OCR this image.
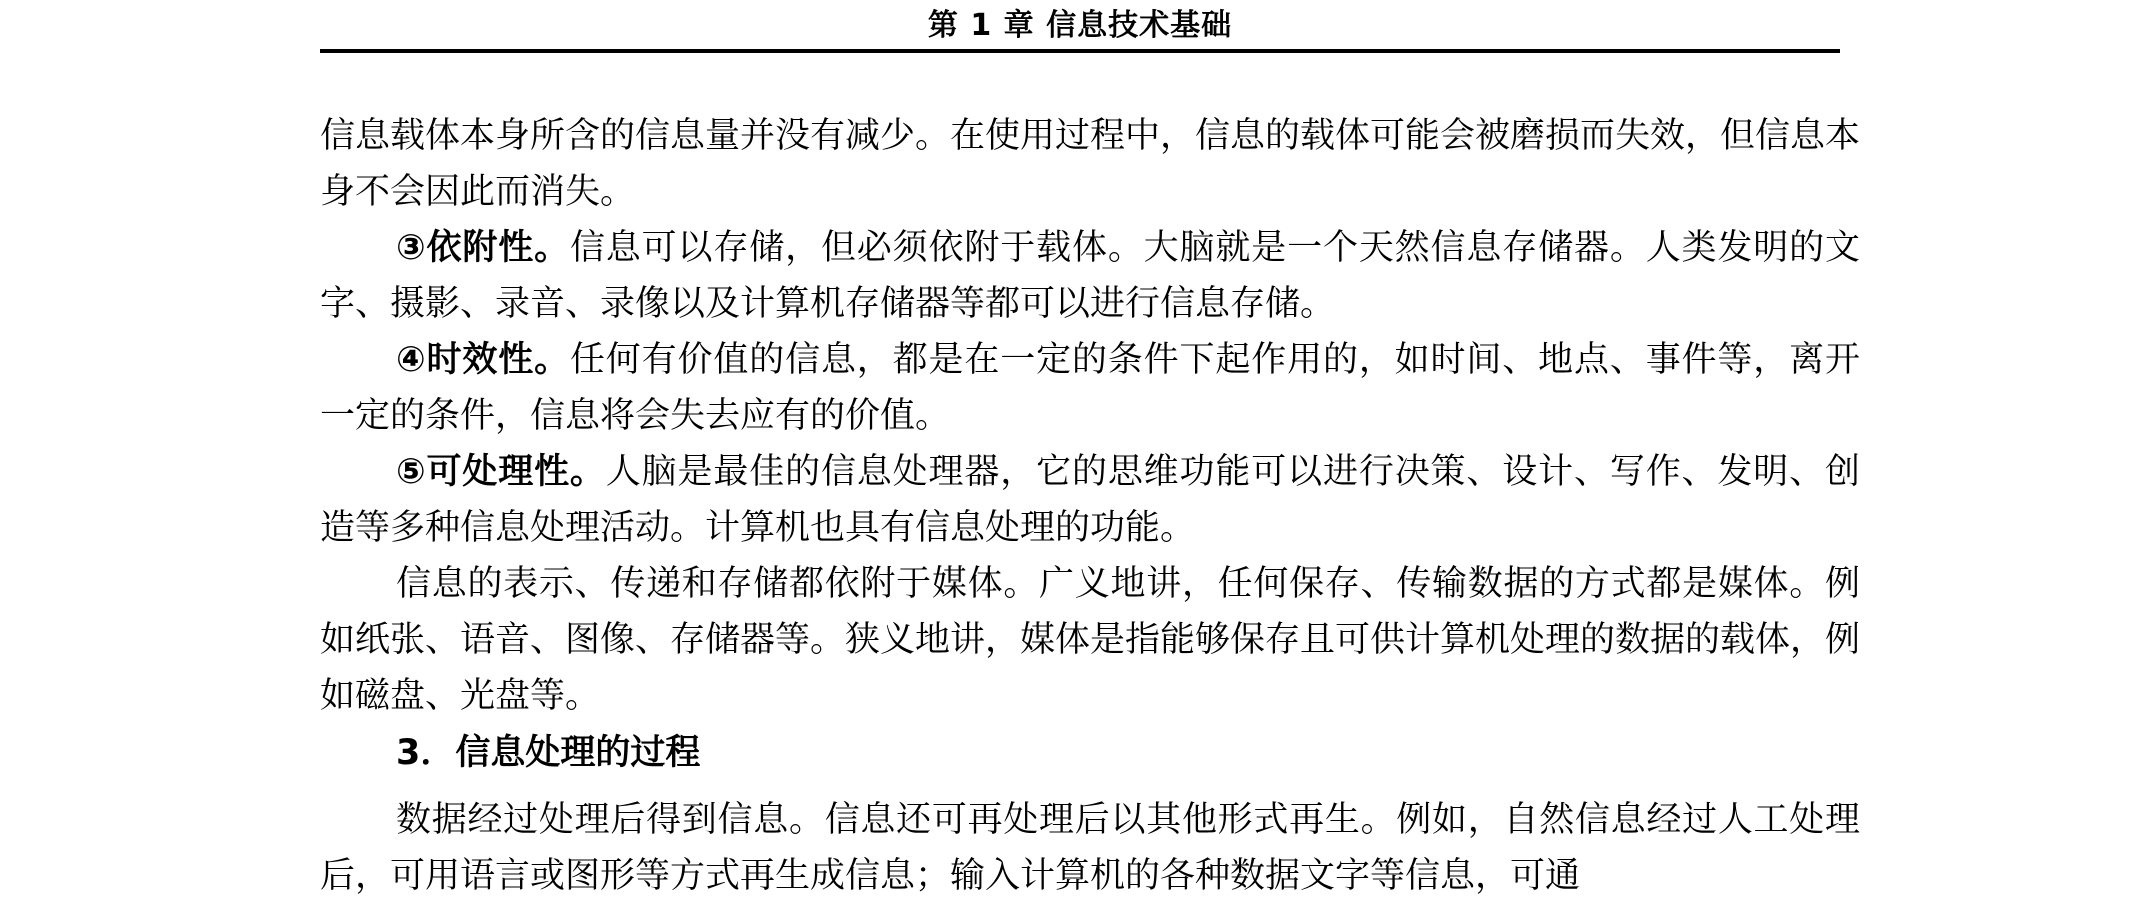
第 1 章 信息技术基础

信息载体本身所含的信息量并没有减少。在使用过程中，信息的载体可能会被磨损而失效，但信息本身不会因此而消失。

③依附性。信息可以存储，但必须依附于载体。大脑就是一个天然信息存储器。人类发明的文字、摄影、录音、录像以及计算机存储器等都可以进行信息存储。

④时效性。任何有价值的信息，都是在一定的条件下起作用的，如时间、地点、事件等，离开一定的条件，信息将会失去应有的价值。

⑤可处理性。人脑是最佳的信息处理器，它的思维功能可以进行决策、设计、写作、发明、创造等多种信息处理活动。计算机也具有信息处理的功能。

信息的表示、传递和存储都依附于媒体。广义地讲，任何保存、传输数据的方式都是媒体。例如纸张、语音、图像、存储器等。狭义地讲，媒体是指能够保存且可供计算机处理的数据的载体，例如磁盘、光盘等。

3．信息处理的过程

数据经过处理后得到信息。信息还可再处理后以其他形式再生。例如，自然信息经过人工处理后，可用语言或图形等方式再生成信息；输入计算机的各种数据文字等信息，可通
